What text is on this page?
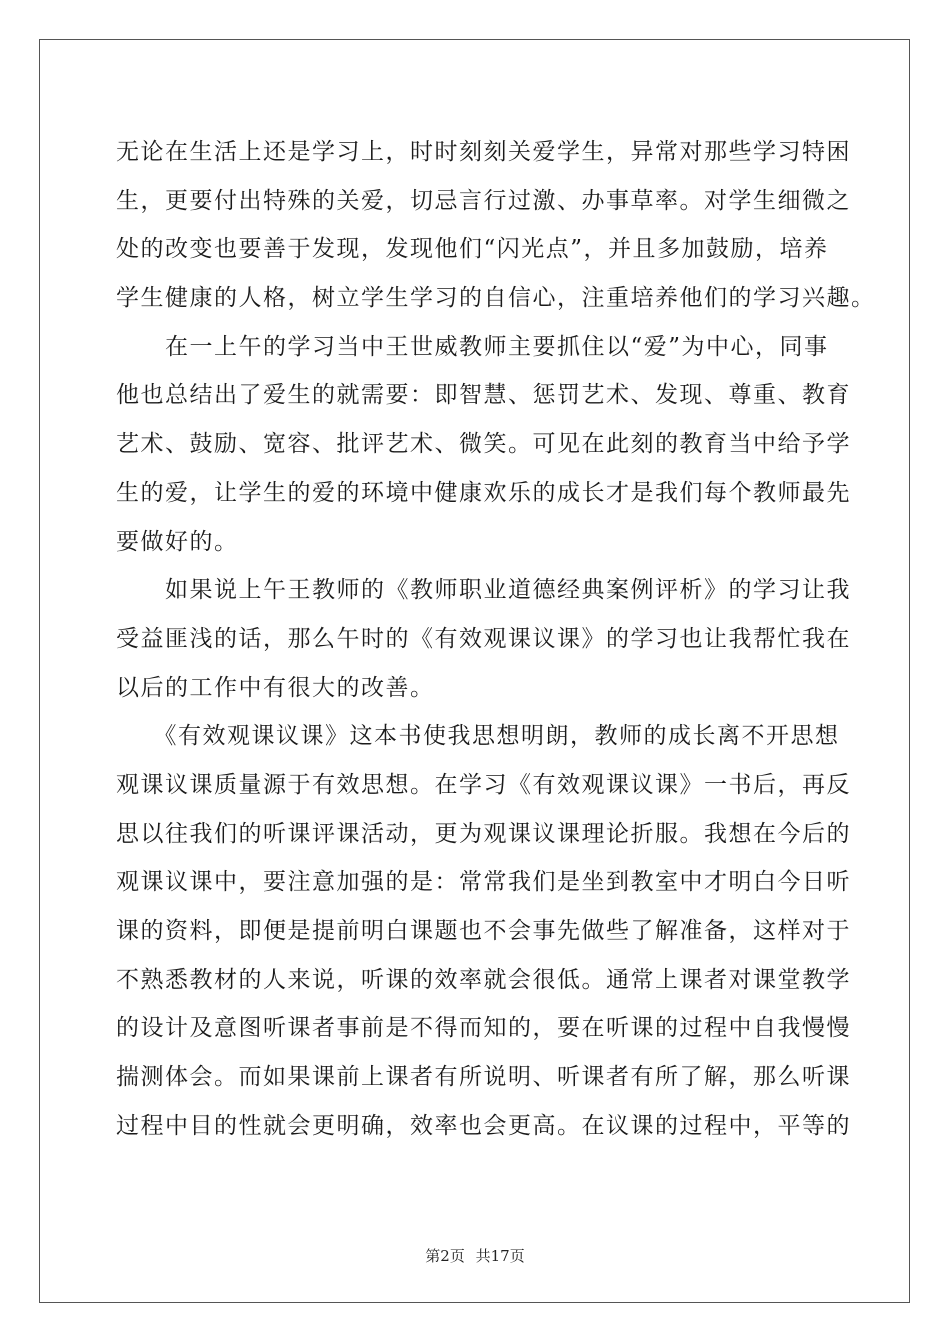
无论在生活上还是学习上，时时刻刻关爱学生，异常对那些学习特困
生，更要付出特殊的关爱，切忌言行过激、办事草率。对学生细微之
处的改变也要善于发现，发现他们“闪光点”，并且多加鼓励，培养
学生健康的人格，树立学生学习的自信心，注重培养他们的学习兴趣。
　　在一上午的学习当中王世威教师主要抓住以“爱”为中心，同事
他也总结出了爱生的就需要：即智慧、惩罚艺术、发现、尊重、教育
艺术、鼓励、宽容、批评艺术、微笑。可见在此刻的教育当中给予学
生的爱，让学生的爱的环境中健康欢乐的成长才是我们每个教师最先
要做好的。
　　如果说上午王教师的《教师职业道德经典案例评析》的学习让我
受益匪浅的话，那么午时的《有效观课议课》的学习也让我帮忙我在
以后的工作中有很大的改善。
　　《有效观课议课》这本书使我思想明朗，教师的成长离不开思想
观课议课质量源于有效思想。在学习《有效观课议课》一书后，再反
思以往我们的听课评课活动，更为观课议课理论折服。我想在今后的
观课议课中，要注意加强的是：常常我们是坐到教室中才明白今日听
课的资料，即便是提前明白课题也不会事先做些了解准备，这样对于
不熟悉教材的人来说，听课的效率就会很低。通常上课者对课堂教学
的设计及意图听课者事前是不得而知的，要在听课的过程中自我慢慢
揣测体会。而如果课前上课者有所说明、听课者有所了解，那么听课
过程中目的性就会更明确，效率也会更高。在议课的过程中，平等的
第2页 共17页
